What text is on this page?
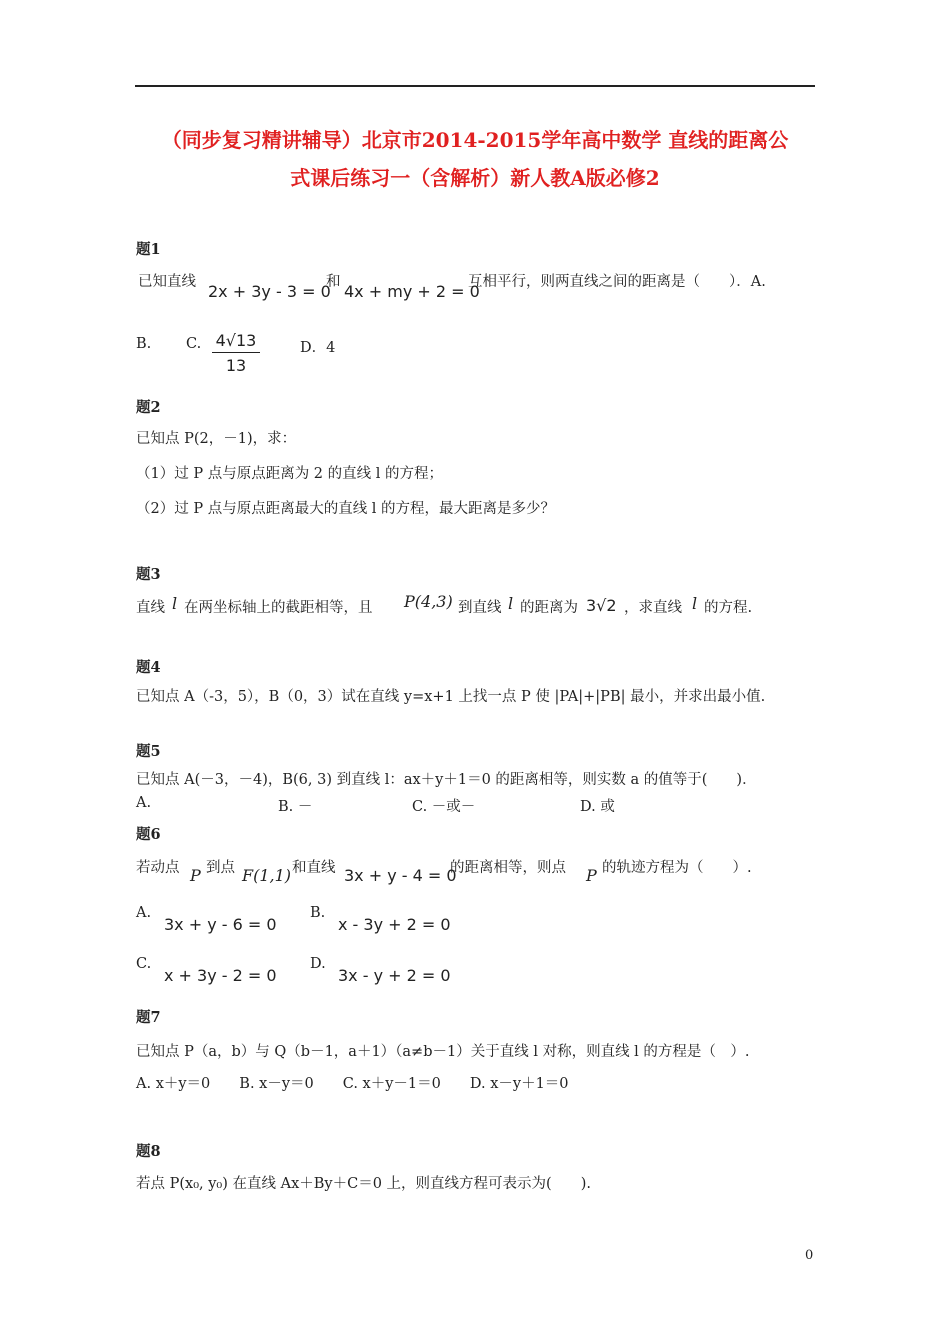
（同步复习精讲辅导）北京市2014-2015学年高中数学 直线的距离公
式课后练习一（含解析）新人教A版必修2
题1
已知直线 2x + 3y - 3 = 0
和 4x + my + 2 = 0
互相平行，则两直线之间的距离是（　　）．A.
B. C. $\frac{4√13}{13}$	D．4
题2
已知点 P(2，－1)，求：
（1）过 P 点与原点距离为 2 的直线 l 的方程；
（2）过 P 点与原点距离最大的直线 l 的方程，最大距离是多少？
题3
直线 l 在两坐标轴上的截距相等，且 P(4,3) 到直线 l 的距离为 3√2 ，求直线 l 的方程.
题4
已知点 A（-3，5），B（0，3）试在直线 y=x+1 上找一点 P 使 |PA|+|PB| 最小，并求出最小值.
题5
已知点 A(－3，－4)，B(6, 3) 到直线 l：ax＋y＋1＝0 的距离相等，则实数 a 的值等于(　　)．
A.	B. －	C. －或－	D. 或
题6
若动点 P 到点 F(1,1) 和直线 3x + y - 4 = 0
的距离相等，则点 P 的轨迹方程为（　　）.
A.
3x + y - 6 = 0
B.
x - 3y + 2 = 0
C.
x + 3y - 2 = 0
D.
3x - y + 2 = 0
题7
已知点 P（a，b）与 Q（b－1，a＋1）（a≠b－1）关于直线 l 对称，则直线 l 的方程是（　）.
A. x＋y＝0　　B. x－y＝0　　C. x＋y－1＝0　　D. x－y＋1＝0
题8
若点 P(x₀, y₀) 在直线 Ax＋By＋C＝0 上，则直线方程可表示为(　　).
0
